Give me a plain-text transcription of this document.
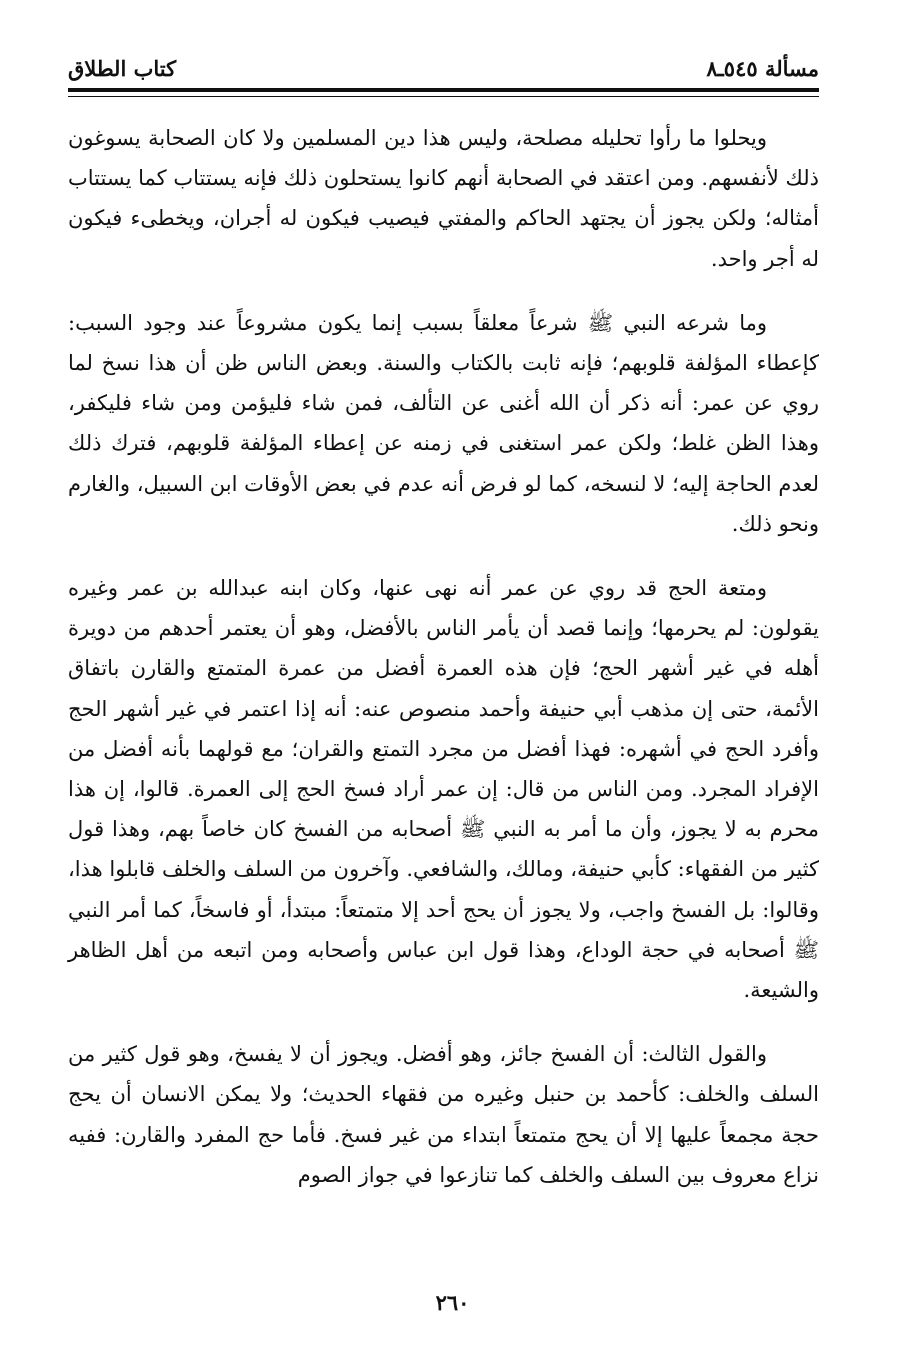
مسألة ٥٤٥ـ٨
كتاب الطلاق

ويحلوا ما رأوا تحليله مصلحة، وليس هذا دين المسلمين ولا كان الصحابة يسوغون ذلك لأنفسهم. ومن اعتقد في الصحابة أنهم كانوا يستحلون ذلك فإنه يستتاب كما يستتاب أمثاله؛ ولكن يجوز أن يجتهد الحاكم والمفتي فيصيب فيكون له أجران، ويخطىء فيكون له أجر واحد.

وما شرعه النبي ﷺ شرعاً معلقاً بسبب إنما يكون مشروعاً عند وجود السبب: كإعطاء المؤلفة قلوبهم؛ فإنه ثابت بالكتاب والسنة. وبعض الناس ظن أن هذا نسخ لما روي عن عمر: أنه ذكر أن الله أغنى عن التألف، فمن شاء فليؤمن ومن شاء فليكفر، وهذا الظن غلط؛ ولكن عمر استغنى في زمنه عن إعطاء المؤلفة قلوبهم، فترك ذلك لعدم الحاجة إليه؛ لا لنسخه، كما لو فرض أنه عدم في بعض الأوقات ابن السبيل، والغارم ونحو ذلك.

ومتعة الحج قد روي عن عمر أنه نهى عنها، وكان ابنه عبدالله بن عمر وغيره يقولون: لم يحرمها؛ وإنما قصد أن يأمر الناس بالأفضل، وهو أن يعتمر أحدهم من دويرة أهله في غير أشهر الحج؛ فإن هذه العمرة أفضل من عمرة المتمتع والقارن باتفاق الأئمة، حتى إن مذهب أبي حنيفة وأحمد منصوص عنه: أنه إذا اعتمر في غير أشهر الحج وأفرد الحج في أشهره: فهذا أفضل من مجرد التمتع والقران؛ مع قولهما بأنه أفضل من الإفراد المجرد. ومن الناس من قال: إن عمر أراد فسخ الحج إلى العمرة. قالوا، إن هذا محرم به لا يجوز، وأن ما أمر به النبي ﷺ أصحابه من الفسخ كان خاصاً بهم، وهذا قول كثير من الفقهاء: كأبي حنيفة، ومالك، والشافعي. وآخرون من السلف والخلف قابلوا هذا، وقالوا: بل الفسخ واجب، ولا يجوز أن يحج أحد إلا متمتعاً: مبتدأ، أو فاسخاً، كما أمر النبي ﷺ أصحابه في حجة الوداع، وهذا قول ابن عباس وأصحابه ومن اتبعه من أهل الظاهر والشيعة.

والقول الثالث: أن الفسخ جائز، وهو أفضل. ويجوز أن لا يفسخ، وهو قول كثير من السلف والخلف: كأحمد بن حنبل وغيره من فقهاء الحديث؛ ولا يمكن الانسان أن يحج حجة مجمعاً عليها إلا أن يحج متمتعاً ابتداء من غير فسخ. فأما حج المفرد والقارن: ففيه نزاع معروف بين السلف والخلف كما تنازعوا في جواز الصوم

٢٦٠
